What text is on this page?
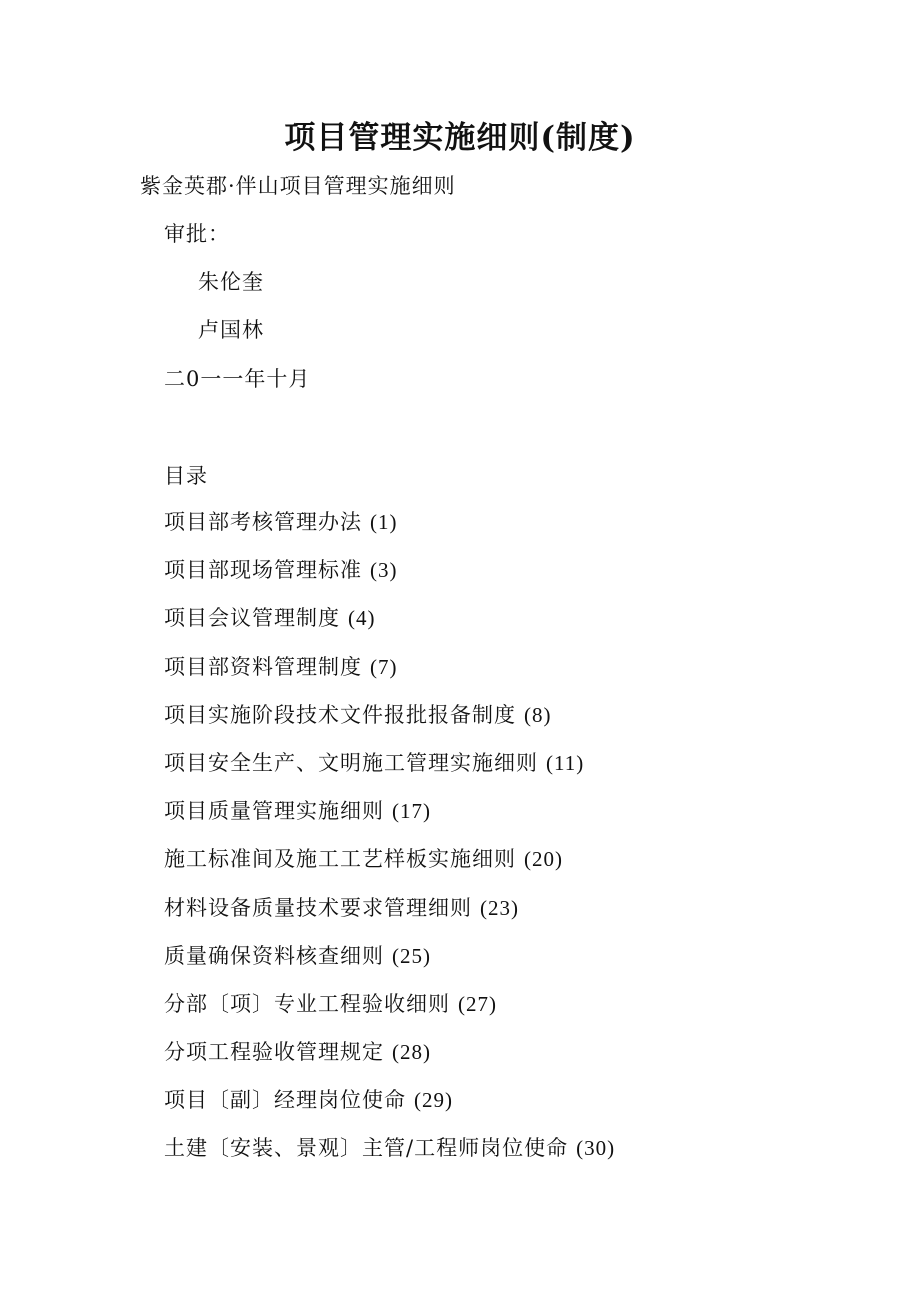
项目管理实施细则(制度)
紫金英郡·伴山项目管理实施细则
审批：
朱伦奎
卢国林
二0一一年十月
目录
项目部考核管理办法 (1)
项目部现场管理标准 (3)
项目会议管理制度 (4)
项目部资料管理制度 (7)
项目实施阶段技术文件报批报备制度 (8)
项目安全生产、文明施工管理实施细则 (11)
项目质量管理实施细则 (17)
施工标准间及施工工艺样板实施细则 (20)
材料设备质量技术要求管理细则 (23)
质量确保资料核查细则 (25)
分部〔项〕专业工程验收细则 (27)
分项工程验收管理规定 (28)
项目〔副〕经理岗位使命 (29)
土建〔安装、景观〕主管/工程师岗位使命 (30)
